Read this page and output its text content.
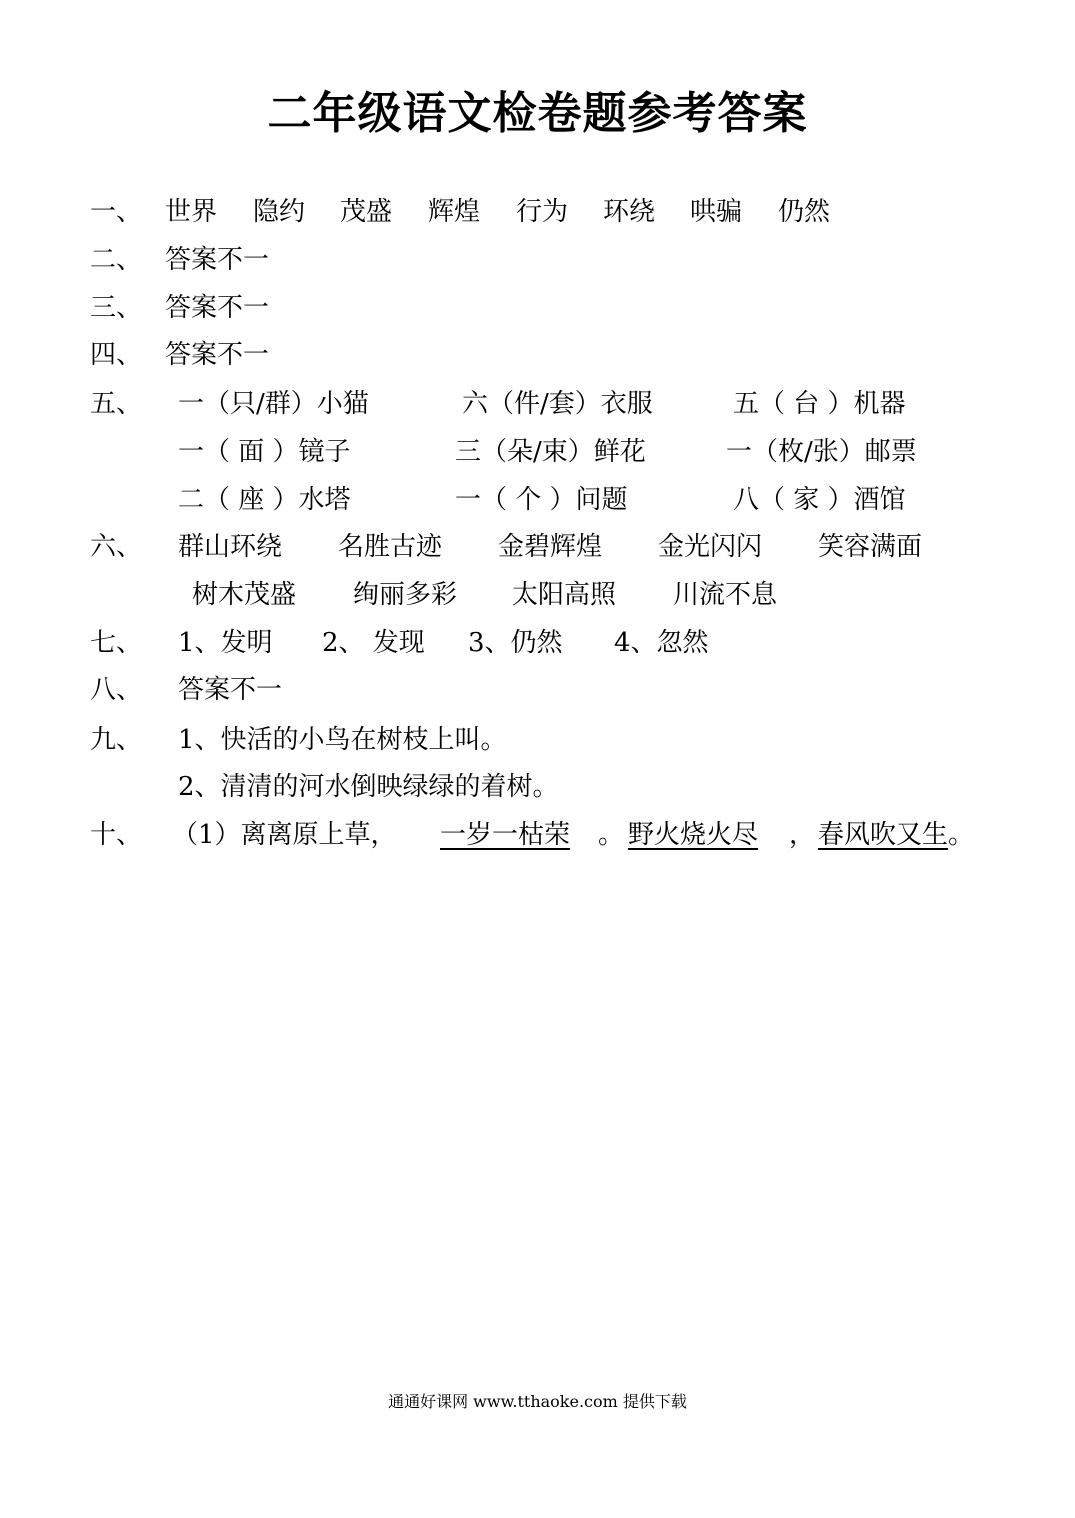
二年级语文检卷题参考答案
一、 世界 隐约 茂盛 辉煌 行为 环绕 哄骗 仍然
二、 答案不一
三、 答案不一
四、 答案不一
五、 一（只/群）小猫	六（件/套）衣服	五（ 台 ）机器
一（ 面 ）镜子	三（朵/束）鲜花	一（枚/张）邮票
二（ 座 ）水塔	一（ 个 ）问题	八（ 家 ）酒馆
六、 群山环绕 名胜古迹 金碧辉煌 金光闪闪 笑容满面
树木茂盛 绚丽多彩 太阳高照 川流不息
七、 1、发明 2、 发现 3、仍然 4、忽然
八、 答案不一
九、 1、快活的小鸟在树枝上叫。
2、清清的河水倒映绿绿的着树。
十、 （1）离离原上草， 一岁一枯荣 。 野火烧火尽 ， 春风吹又生 。
通通好课网 www.tthaoke.com 提供下载
